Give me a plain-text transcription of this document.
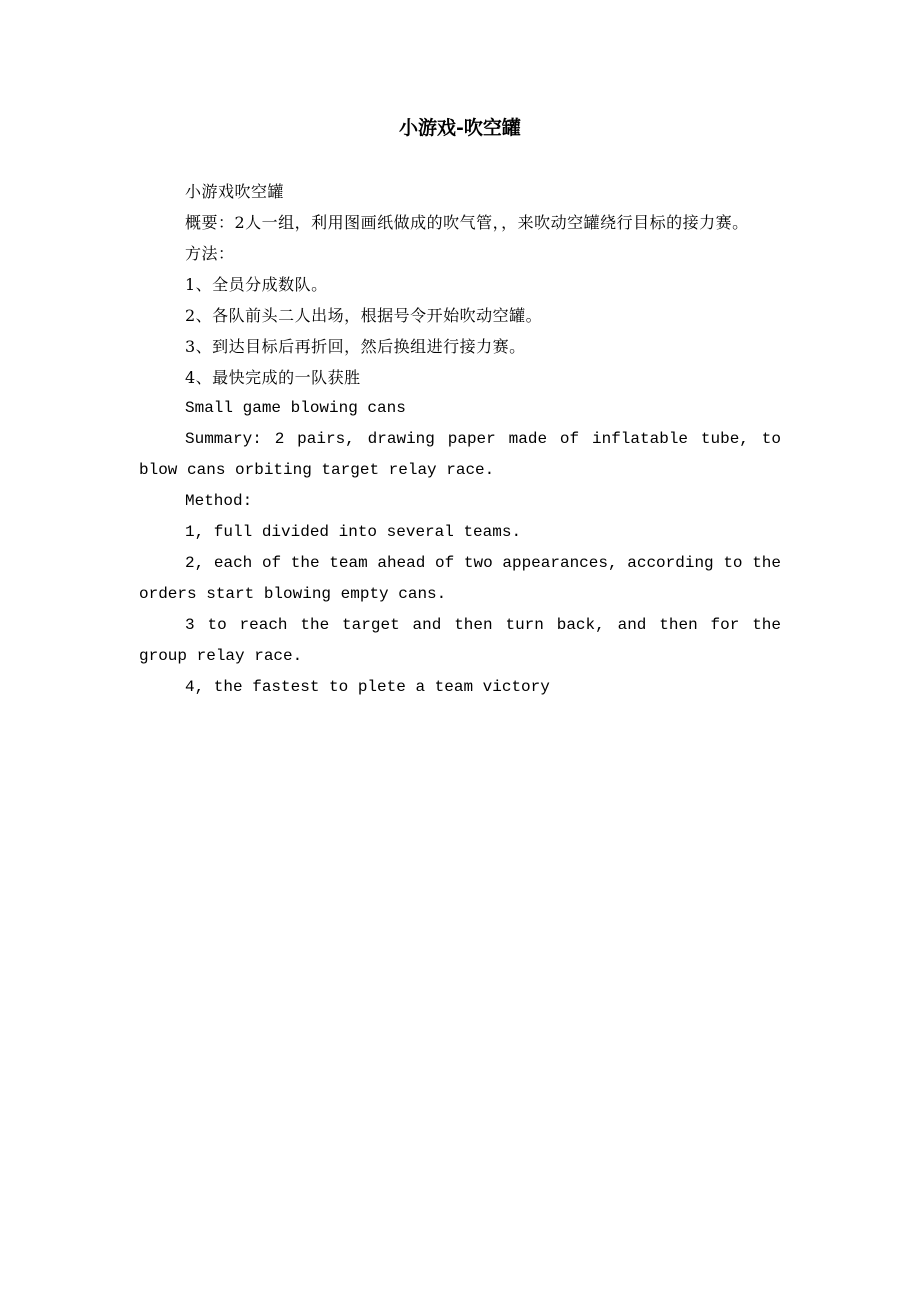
小游戏-吹空罐

小游戏吹空罐

概要：2人一组，利用图画纸做成的吹气管，，来吹动空罐绕行目标的接力赛。

方法：

1、全员分成数队。

2、各队前头二人出场，根据号令开始吹动空罐。

3、到达目标后再折回，然后换组进行接力赛。

4、最快完成的一队获胜

Small game blowing cans

Summary: 2 pairs, drawing paper made of inflatable tube, to blow cans orbiting target relay race.

Method:

1, full divided into several teams.

2, each of the team ahead of two appearances, according to the orders start blowing empty cans.

3 to reach the target and then turn back, and then for the group relay race.

4, the fastest to plete a team victory
